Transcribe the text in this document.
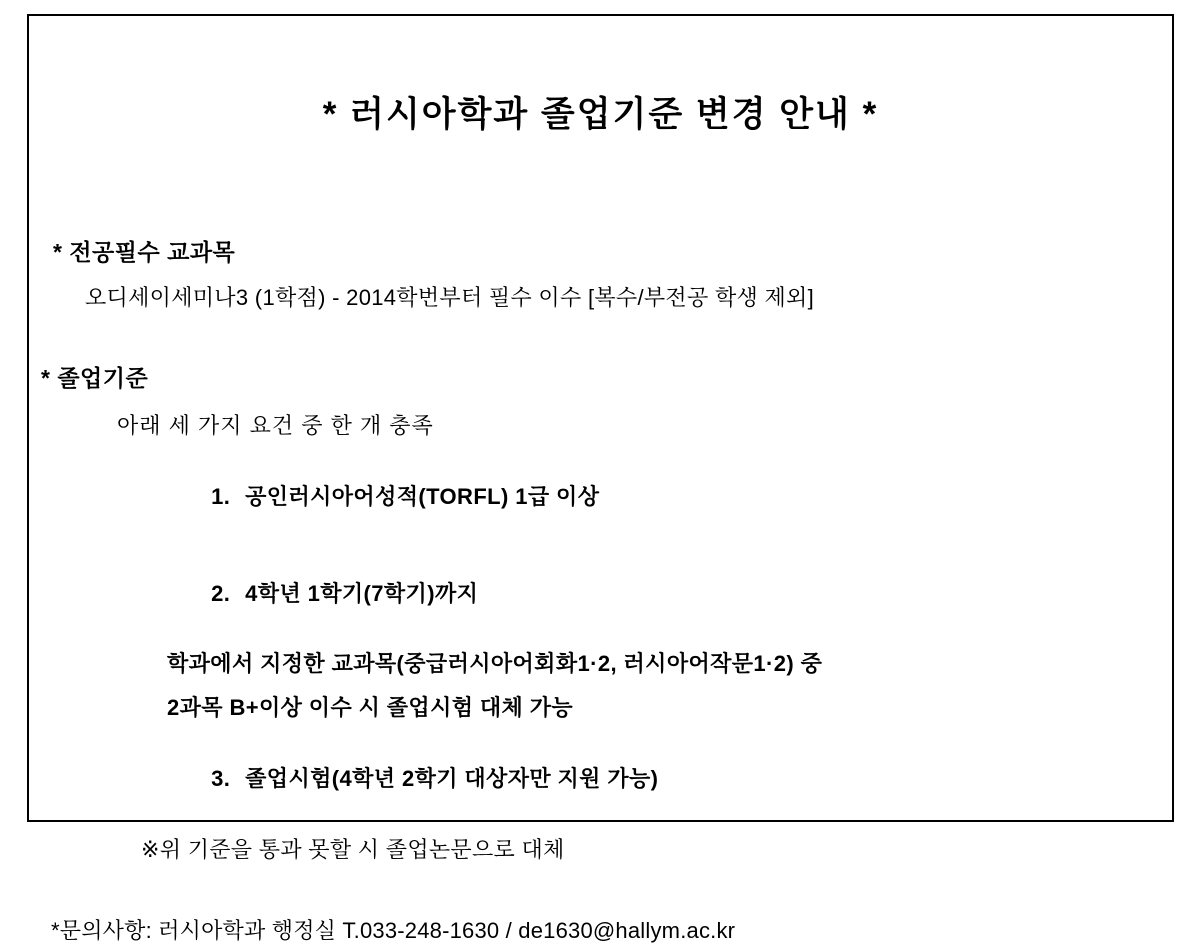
* 러시아학과 졸업기준 변경 안내 *
* 전공필수 교과목
오디세이세미나3 (1학점) - 2014학번부터 필수 이수 [복수/부전공 학생 제외]
* 졸업기준
아래 세 가지 요건 중 한 개 충족

1. 공인러시아어성적(TORFL) 1급 이상

2. 4학년 1학기(7학기)까지

학과에서 지정한 교과목(중급러시아어회화1·2, 러시아어작문1·2) 중
2과목 B+이상 이수 시 졸업시험 대체 가능

3. 졸업시험(4학년 2학기 대상자만 지원 가능)

※위 기준을 통과 못할 시 졸업논문으로 대체
*문의사항: 러시아학과 행정실 T.033-248-1630 / de1630@hallym.ac.kr
